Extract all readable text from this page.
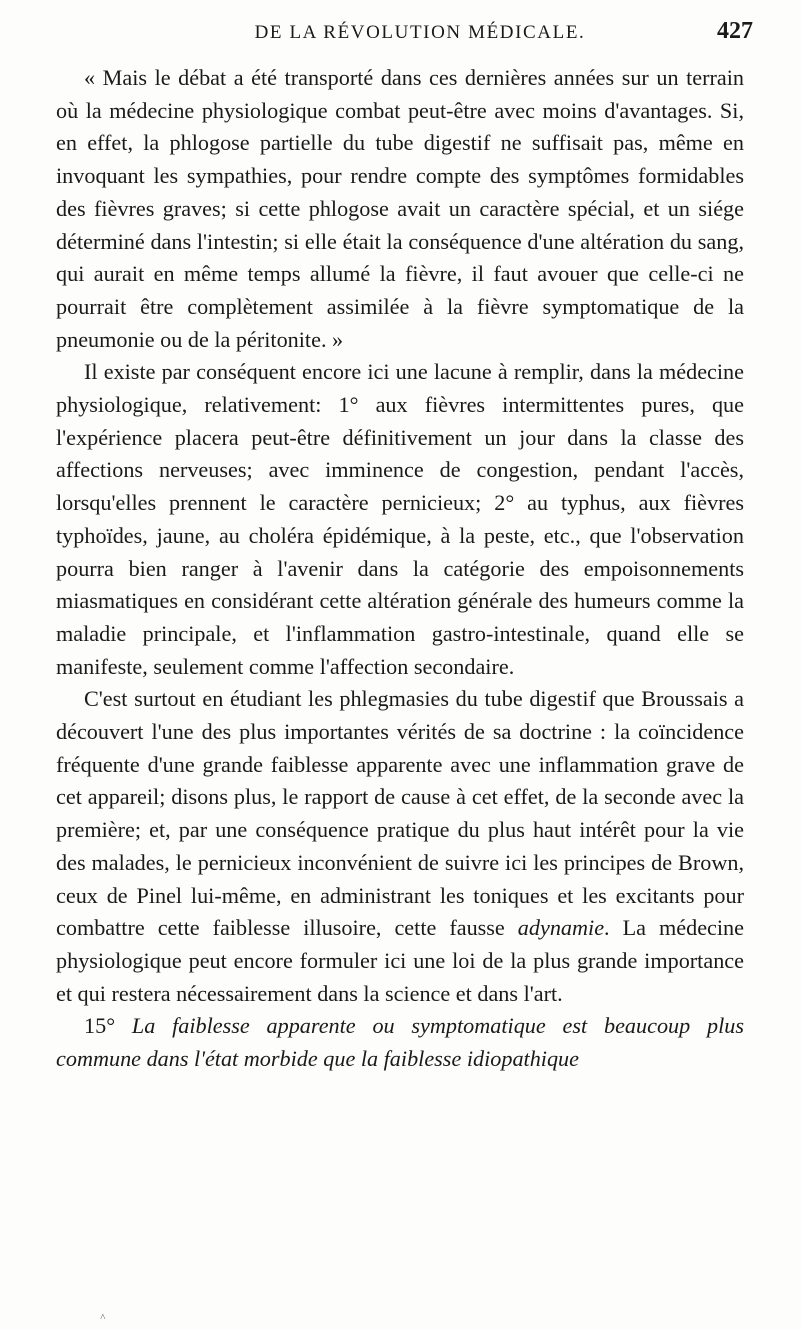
DE LA RÉVOLUTION MÉDICALE.	427

« Mais le débat a été transporté dans ces dernières années sur un terrain où la médecine physiologique combat peut-être avec moins d'avantages. Si, en effet, la phlogose partielle du tube digestif ne suffisait pas, même en invoquant les sympathies, pour rendre compte des symptômes formidables des fièvres graves; si cette phlogose avait un caractère spécial, et un siége déterminé dans l'intestin; si elle était la conséquence d'une altération du sang, qui aurait en même temps allumé la fièvre, il faut avouer que celle-ci ne pourrait être complètement assimilée à la fièvre symptomatique de la pneumonie ou de la péritonite. »

Il existe par conséquent encore ici une lacune à remplir, dans la médecine physiologique, relativement: 1° aux fièvres intermittentes pures, que l'expérience placera peut-être définitivement un jour dans la classe des affections nerveuses; avec imminence de congestion, pendant l'accès, lorsqu'elles prennent le caractère pernicieux; 2° au typhus, aux fièvres typhoïdes, jaune, au choléra épidémique, à la peste, etc., que l'observation pourra bien ranger à l'avenir dans la catégorie des empoisonnements miasmatiques en considérant cette altération générale des humeurs comme la maladie principale, et l'inflammation gastro-intestinale, quand elle se manifeste, seulement comme l'affection secondaire.

C'est surtout en étudiant les phlegmasies du tube digestif que Broussais a découvert l'une des plus importantes vérités de sa doctrine : la coïncidence fréquente d'une grande faiblesse apparente avec une inflammation grave de cet appareil; disons plus, le rapport de cause à cet effet, de la seconde avec la première; et, par une conséquence pratique du plus haut intérêt pour la vie des malades, le pernicieux inconvénient de suivre ici les principes de Brown, ceux de Pinel lui-même, en administrant les toniques et les excitants pour combattre cette faiblesse illusoire, cette fausse adynamie. La médecine physiologique peut encore formuler ici une loi de la plus grande importance et qui restera nécessairement dans la science et dans l'art.

15° La faiblesse apparente ou symptomatique est beaucoup plus commune dans l'état morbide que la faiblesse idiopathique

˄
